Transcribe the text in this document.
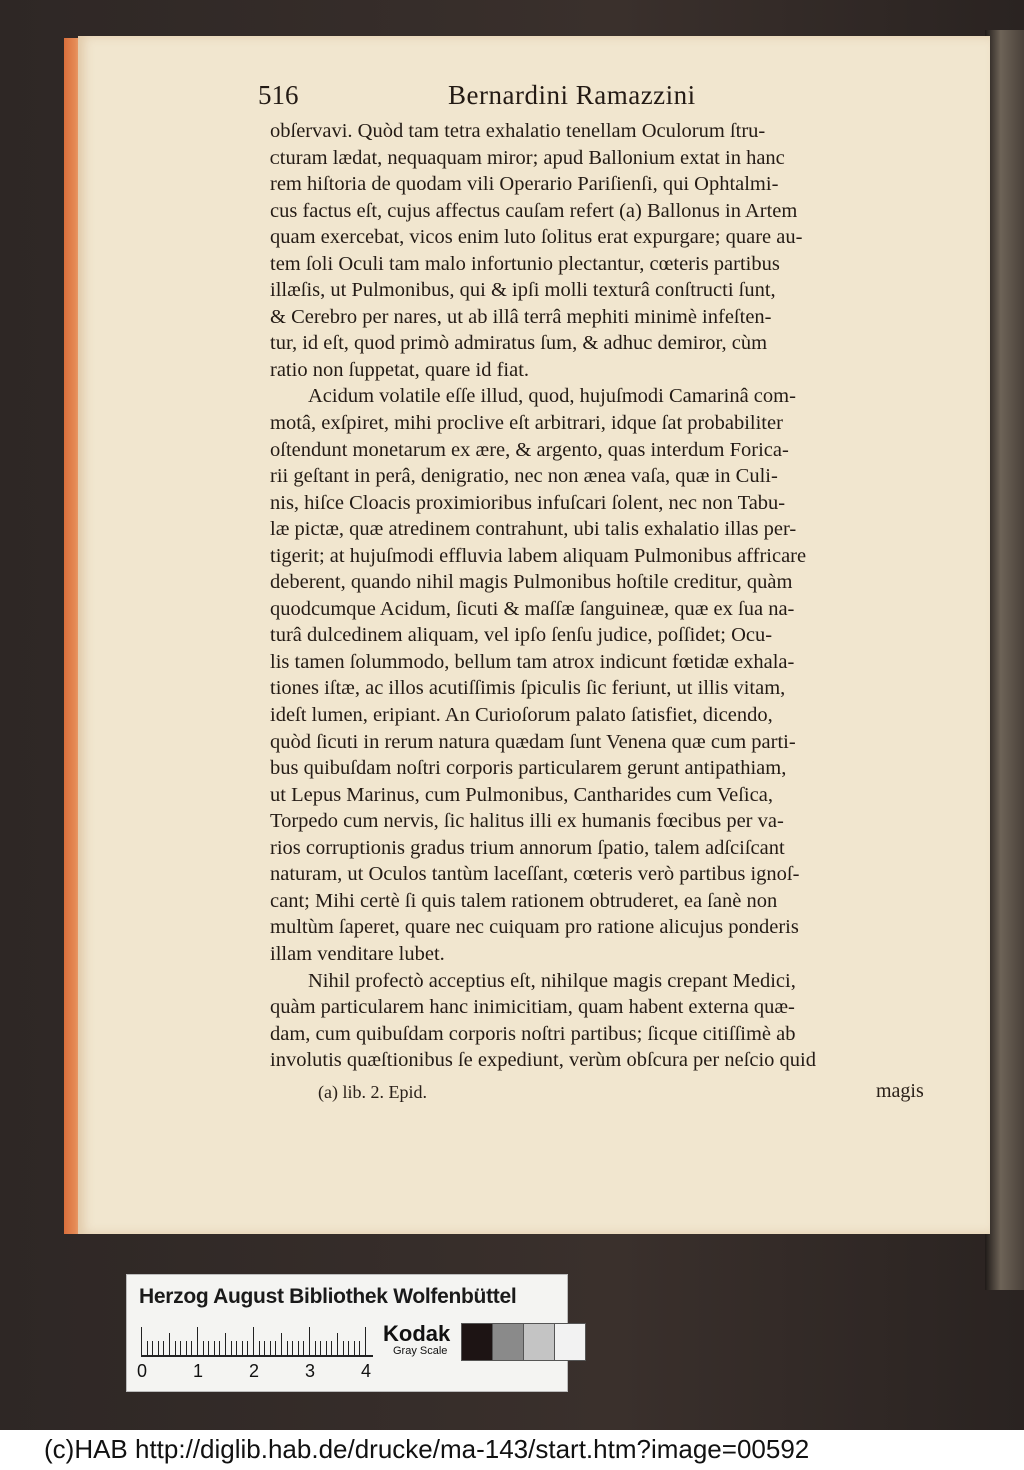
516	Bernardini Ramazzini
obſervavi. Quòd tam tetra exhalatio tenellam Oculorum ſtru-
ᴄturam lædat, nequaquam miror; apud Ballonium extat in hanc
rem hiſtoria de quodam vili Operario Pariſienſi, qui Ophtalmi-
cus factus eſt, cujus affectus cauſam refert (a) Ballonus in Artem
quam exercebat, vicos enim luto ſolitus erat expurgare; quare au-
tem ſoli Oculi tam malo infortunio plectantur, cœteris partibus
illæſis, ut Pulmonibus, qui & ipſi molli texturâ conſtructi ſunt,
& Cerebro per nares, ut ab illâ terrâ mephiti minimè infeſten-
tur, id eſt, quod primò admiratus ſum, & adhuc demiror, cùm
ratio non ſuppetat, quare id fiat.
Acidum volatile eſſe illud, quod, hujuſmodi Camarinâ com-
motâ, exſpiret, mihi proclive eſt arbitrari, idque ſat probabiliter
oſtendunt monetarum ex ære, & argento, quas interdum Forica-
rii geſtant in perâ, denigratio, nec non ænea vaſa, quæ in Culi-
nis, hiſce Cloacis proximioribus infuſcari ſolent, nec non Tabu-
læ pictæ, quæ atredinem contrahunt, ubi talis exhalatio illas per-
tigerit; at hujuſmodi effluvia labem aliquam Pulmonibus affricare
deberent, quando nihil magis Pulmonibus hoſtile creditur, quàm
quodcumque Acidum, ſicuti & maſſæ ſanguineæ, quæ ex ſua na-
turâ dulcedinem aliquam, vel ipſo ſenſu judice, poſſidet; Ocu-
lis tamen ſolummodo, bellum tam atrox indicunt fœtidæ exhala-
tiones iſtæ, ac illos acutiſſimis ſpiculis ſic feriunt, ut illis vitam,
ideſt lumen, eripiant. An Curioſorum palato ſatisfiet, dicendo,
quòd ſicuti in rerum natura quædam ſunt Venena quæ cum parti-
bus quibuſdam noſtri corporis particularem gerunt antipathiam,
ut Lepus Marinus, cum Pulmonibus, Cantharides cum Veſica,
Torpedo cum nervis, ſic halitus illi ex humanis fœcibus per va-
rios corruptionis gradus trium annorum ſpatio, talem adſciſcant
naturam, ut Oculos tantùm laceſſant, cœteris verò partibus ignoſ-
cant; Mihi certè ſi quis talem rationem obtruderet, ea ſanè non
multùm ſaperet, quare nec cuiquam pro ratione alicujus ponderis
illam venditare lubet.
Nihil profectò acceptius eſt, nihilque magis crepant Medici,
quàm particularem hanc inimicitiam, quam habent externa quæ-
dam, cum quibuſdam corporis noſtri partibus; ſicque citiſſimè ab
involutis quæſtionibus ſe expediunt, verùm obſcura per neſcio quid
(a) lib. 2. Epid.	magis
Herzog August Bibliothek Wolfenbüttel
0	1	2	3	4
Kodak
Gray Scale
(c)HAB http://diglib.hab.de/drucke/ma-143/start.htm?image=00592
